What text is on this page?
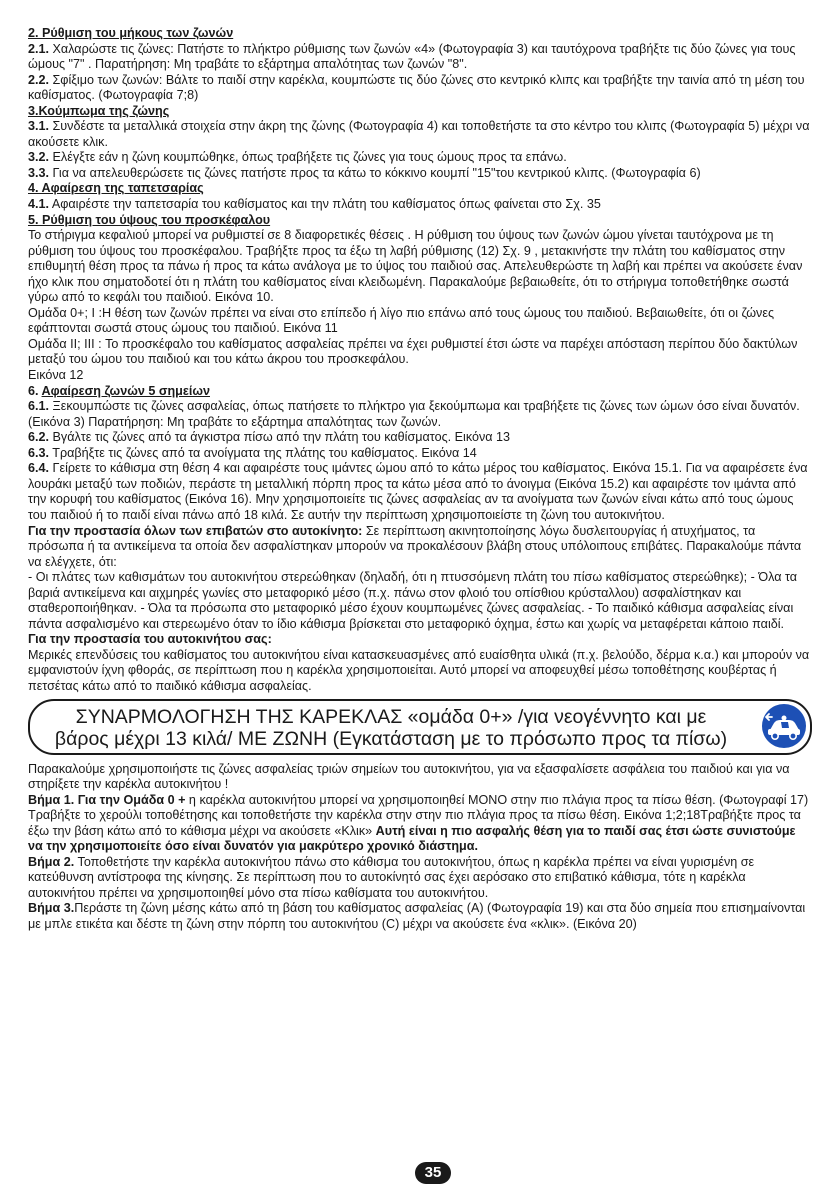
2. Ρύθμιση του μήκους των ζωνών

2.1. Χαλαρώστε τις ζώνες: Πατήστε το πλήκτρο ρύθμισης των ζωνών «4» (Φωτογραφία 3) και ταυτόχρονα τραβήξτε τις δύο ζώνες για τους ώμους "7" . Παρατήρηση: Μη τραβάτε το εξάρτημα απαλότητας των ζωνών "8".

2.2. Σφίξιμο των ζωνών: Βάλτε το παιδί στην καρέκλα, κουμπώστε τις δύο ζώνες στο κεντρικό κλιπς και τραβήξτε την ταινία από τη μέση του καθίσματος. (Φωτογραφία 7;8)

3.Κούμπωμα της ζώνης

3.1. Συνδέστε τα μεταλλικά στοιχεία στην άκρη της ζώνης (Φωτογραφία 4) και τοποθετήστε τα στο κέντρο του κλιπς (Φωτογραφία 5) μέχρι να ακούσετε κλικ.

3.2. Ελέγξτε εάν η ζώνη κουμπώθηκε, όπως τραβήξετε τις ζώνες για τους ώμους προς τα επάνω.

3.3. Για να απελευθερώσετε τις ζώνες πατήστε προς τα κάτω το κόκκινο κουμπί "15"του κεντρικού κλιπς. (Φωτογραφία 6)

4. Αφαίρεση της ταπετσαρίας

4.1. Αφαιρέστε την ταπετσαρία του καθίσματος και την πλάτη του καθίσματος όπως φαίνεται στο Σχ. 35

5. Ρύθμιση του ύψους του προσκέφαλου

Το στήριγμα κεφαλιού μπορεί να ρυθμιστεί σε 8 διαφορετικές θέσεις . Η ρύθμιση του ύψους των ζωνών ώμου γίνεται ταυτόχρονα με τη ρύθμιση του ύψους του προσκέφαλου. Τραβήξτε προς τα έξω τη λαβή ρύθμισης (12) Σχ. 9 , μετακινήστε την πλάτη του καθίσματος στην επιθυμητή θέση προς τα πάνω ή προς τα κάτω ανάλογα με το ύψος του παιδιού σας. Απελευθερώστε τη λαβή και πρέπει να ακούσετε έναν ήχο κλικ που σηματοδοτεί ότι η πλάτη του καθίσματος είναι κλειδωμένη. Παρακαλούμε βεβαιωθείτε, ότι το στήριγμα τοποθετήθηκε σωστά γύρω από το κεφάλι του παιδιού. Εικόνα 10.

Ομάδα 0+; I :Η θέση των ζωνών πρέπει να είναι στο επίπεδο ή λίγο πιο επάνω από τους ώμους του παιδιού. Βεβαιωθείτε, ότι οι ζώνες εφάπτονται σωστά στους ώμους του παιδιού. Εικόνα 11

Ομάδα II; III : Το προσκέφαλο του καθίσματος ασφαλείας πρέπει να έχει ρυθμιστεί έτσι ώστε να παρέχει απόσταση περίπου δύο δακτύλων μεταξύ του ώμου του παιδιού και του κάτω άκρου του προσκεφάλου.
Εικόνα 12

6. Αφαίρεση ζωνών 5 σημείων

6.1. Ξεκουμπώστε τις ζώνες ασφαλείας, όπως πατήσετε το πλήκτρο για ξεκούμπωμα και τραβήξετε τις ζώνες των ώμων όσο είναι δυνατόν. (Εικόνα 3) Παρατήρηση: Μη τραβάτε το εξάρτημα απαλότητας των ζωνών.

6.2. Βγάλτε τις ζώνες από τα άγκιστρα πίσω από την πλάτη του καθίσματος. Εικόνα 13

6.3. Τραβήξτε τις ζώνες από τα ανοίγματα της πλάτης του καθίσματος. Εικόνα 14

6.4. Γείρετε το κάθισμα στη θέση 4 και αφαιρέστε τους ιμάντες ώμου από το κάτω μέρος του καθίσματος. Εικόνα 15.1. Για να αφαιρέσετε ένα λουράκι μεταξύ των ποδιών, περάστε τη μεταλλική πόρπη προς τα κάτω μέσα από το άνοιγμα (Εικόνα 15.2) και αφαιρέστε τον ιμάντα από την κορυφή του καθίσματος (Εικόνα 16). Μην χρησιμοποιείτε τις ζώνες ασφαλείας αν τα ανοίγματα των ζωνών είναι κάτω από τους ώμους του παιδιού ή το παιδί είναι πάνω από 18 κιλά. Σε αυτήν την περίπτωση χρησιμοποιείστε τη ζώνη του αυτοκινήτου.

Για την προστασία όλων των επιβατών στο αυτοκίνητο: Σε περίπτωση ακινητοποίησης λόγω δυσλειτουργίας ή ατυχήματος, τα πρόσωπα ή τα αντικείμενα τα οποία δεν ασφαλίστηκαν μπορούν να προκαλέσουν βλάβη στους υπόλοιπους επιβάτες. Παρακαλούμε πάντα να ελέγχετε, ότι:

- Οι πλάτες των καθισμάτων του αυτοκινήτου στερεώθηκαν (δηλαδή, ότι η πτυσσόμενη πλάτη του πίσω καθίσματος στερεώθηκε); - Όλα τα βαριά αντικείμενα και αιχμηρές γωνίες στο μεταφορικό μέσο (π.χ. πάνω στον φλοιό του οπίσθιου κρύσταλλου) ασφαλίστηκαν και σταθεροποιήθηκαν. - Όλα τα πρόσωπα στο μεταφορικό μέσο έχουν κουμπωμένες ζώνες ασφαλείας. - Το παιδικό κάθισμα ασφαλείας είναι πάντα ασφαλισμένο και στερεωμένο όταν το ίδιο κάθισμα βρίσκεται στο μεταφορικό όχημα, έστω και χωρίς να μεταφέρεται κάποιο παιδί.

Για την προστασία του αυτοκινήτου σας:

Μερικές επενδύσεις του καθίσματος του αυτοκινήτου είναι κατασκευασμένες από ευαίσθητα υλικά (π.χ. βελούδο, δέρμα κ.α.) και μπορούν να εμφανιστούν ίχνη φθοράς, σε περίπτωση που η καρέκλα χρησιμοποιείται. Αυτό μπορεί να αποφευχθεί μέσω τοποθέτησης κουβέρτας ή πετσέτας κάτω από το παιδικό κάθισμα ασφαλείας.

ΣΥΝΑΡΜΟΛΟΓΗΣΗ ΤΗΣ ΚΑΡΕΚΛΑΣ «ομάδα 0+» /για νεογέννητο και με
βάρος μέχρι 13 κιλά/ ΜΕ ΖΩΝΗ (Εγκατάσταση με το πρόσωπο προς τα πίσω)

Παρακαλούμε χρησιμοποιήστε τις ζώνες ασφαλείας τριών σημείων του αυτοκινήτου, για να εξασφαλίσετε ασφάλεια του παιδιού και για να στηρίξετε την καρέκλα αυτοκινήτου !

Βήμα 1. Για την Ομάδα 0 + η καρέκλα αυτοκινήτου μπορεί να χρησιμοποιηθεί ΜΟΝΟ στην πιο πλάγια προς τα πίσω θέση. (Φωτογραφί 17) Τραβήξτε το χερούλι τοποθέτησης και τοποθετήστε την καρέκλα στην στην πιο πλάγια προς τα πίσω θέση. Εικόνα 1;2;18Τραβήξτε προς τα έξω την βάση κάτω από το κάθισμα μέχρι να ακούσετε «Κλικ» Αυτή είναι η πιο ασφαλής θέση για το παιδί σας έτσι ώστε συνιστούμε να την χρησιμοποιείτε όσο είναι δυνατόν για μακρύτερο χρονικό διάστημα.

Βήμα 2. Τοποθετήστε την καρέκλα αυτοκινήτου πάνω στο κάθισμα του αυτοκινήτου, όπως η καρέκλα πρέπει να είναι γυρισμένη σε κατεύθυνση αντίστροφα της κίνησης. Σε περίπτωση που το αυτοκίνητό σας έχει αερόσακο στο επιβατικό κάθισμα, τότε η καρέκλα αυτοκινήτου πρέπει να χρησιμοποιηθεί μόνο στα πίσω καθίσματα του αυτοκινήτου.

Βήμα 3.Περάστε τη ζώνη μέσης κάτω από τη βάση του καθίσματος ασφαλείας (A) (Φωτογραφία 19) και στα δύο σημεία που επισημαίνονται με μπλε ετικέτα και δέστε τη ζώνη στην πόρπη του αυτοκινήτου (C) μέχρι να ακούσετε ένα «κλικ». (Εικόνα 20)

35
